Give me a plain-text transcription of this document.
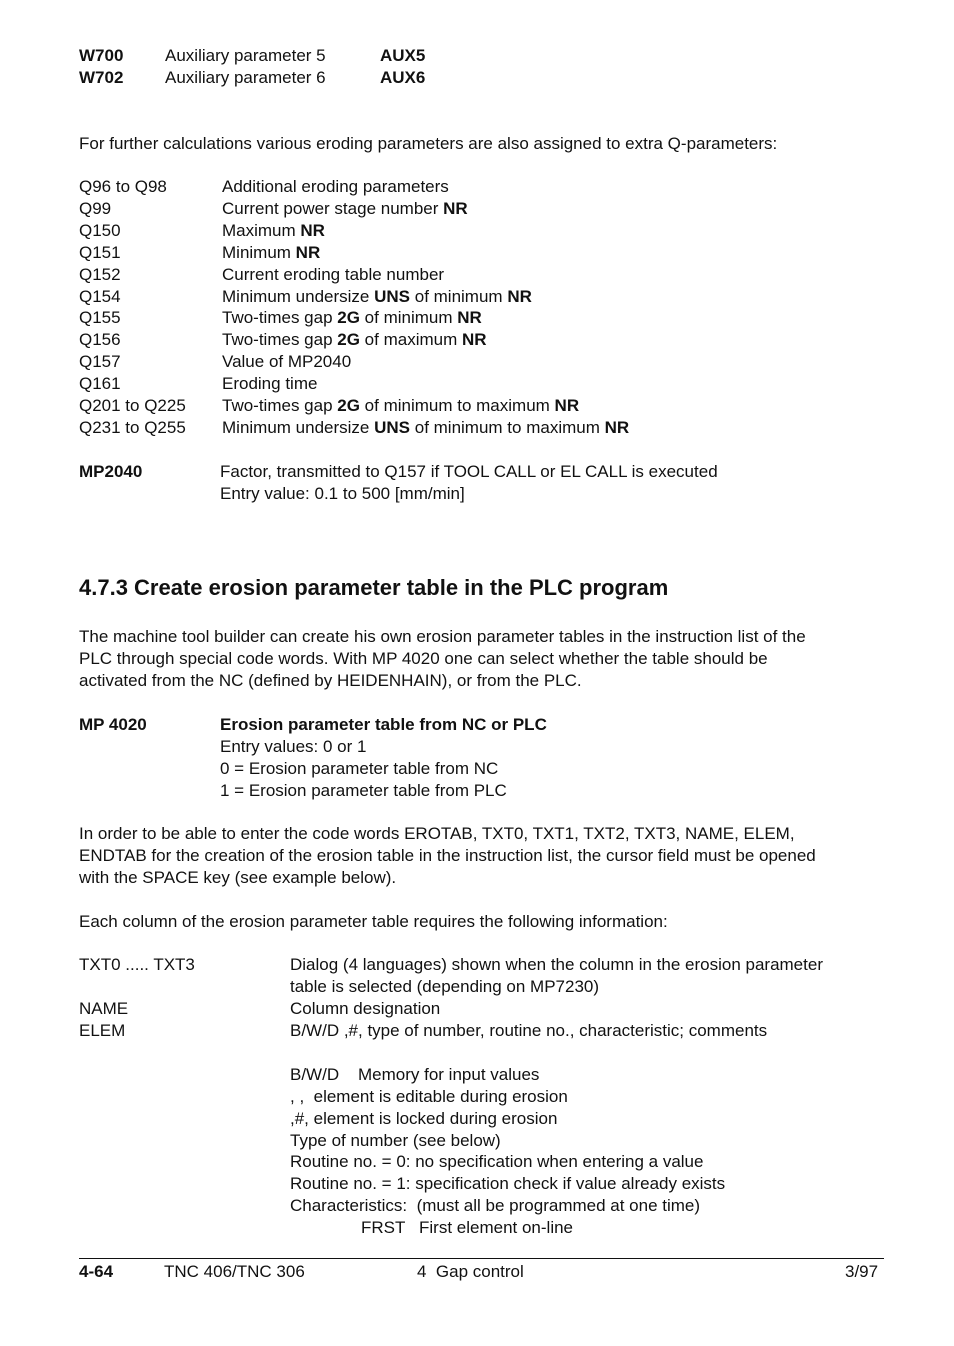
W700 Auxiliary parameter 5	AUX5
W702 Auxiliary parameter 6	AUX6
For further calculations various eroding parameters are also assigned to extra Q-parameters:
Q96 to Q98	Additional eroding parameters
Q99	Current power stage number NR
Q150	Maximum NR
Q151	Minimum NR
Q152	Current eroding table number
Q154	Minimum undersize UNS of minimum NR
Q155	Two-times gap 2G of minimum NR
Q156	Two-times gap 2G of maximum NR
Q157	Value of MP2040
Q161	Eroding time
Q201 to Q225 Two-times gap 2G of minimum to maximum NR
Q231 to Q255 Minimum undersize UNS of minimum to maximum NR
MP2040	Factor, transmitted to Q157 if TOOL CALL or EL CALL is executed
Entry value: 0.1 to 500 [mm/min]
4.7.3 Create erosion parameter table in the PLC program
The machine tool builder can create his own erosion parameter tables in the instruction list of the
PLC through special code words. With MP 4020 one can select whether the table should be
activated from the NC (defined by HEIDENHAIN), or from the PLC.
MP 4020	Erosion parameter table from NC or PLC
Entry values: 0 or 1
0 = Erosion parameter table from NC
1 = Erosion parameter table from PLC
In order to be able to enter the code words EROTAB, TXT0, TXT1, TXT2, TXT3, NAME, ELEM,
ENDTAB for the creation of the erosion table in the instruction list, the cursor field must be opened
with the SPACE key (see example below).
Each column of the erosion parameter table requires the following information:
TXT0 ..... TXT3	Dialog (4 languages) shown when the column in the erosion parameter
table is selected (depending on MP7230)
NAME	Column designation
ELEM	B/W/D ,#, type of number, routine no., characteristic; comments
B/W/D    Memory for input values
, ,  element is editable during erosion
,#, element is locked during erosion
Type of number (see below)
Routine no. = 0: no specification when entering a value
Routine no. = 1: specification check if value already exists
Characteristics:  (must all be programmed at one time)
FRST First element on-line
4-64	TNC 406/TNC 306	4  Gap control	3/97
